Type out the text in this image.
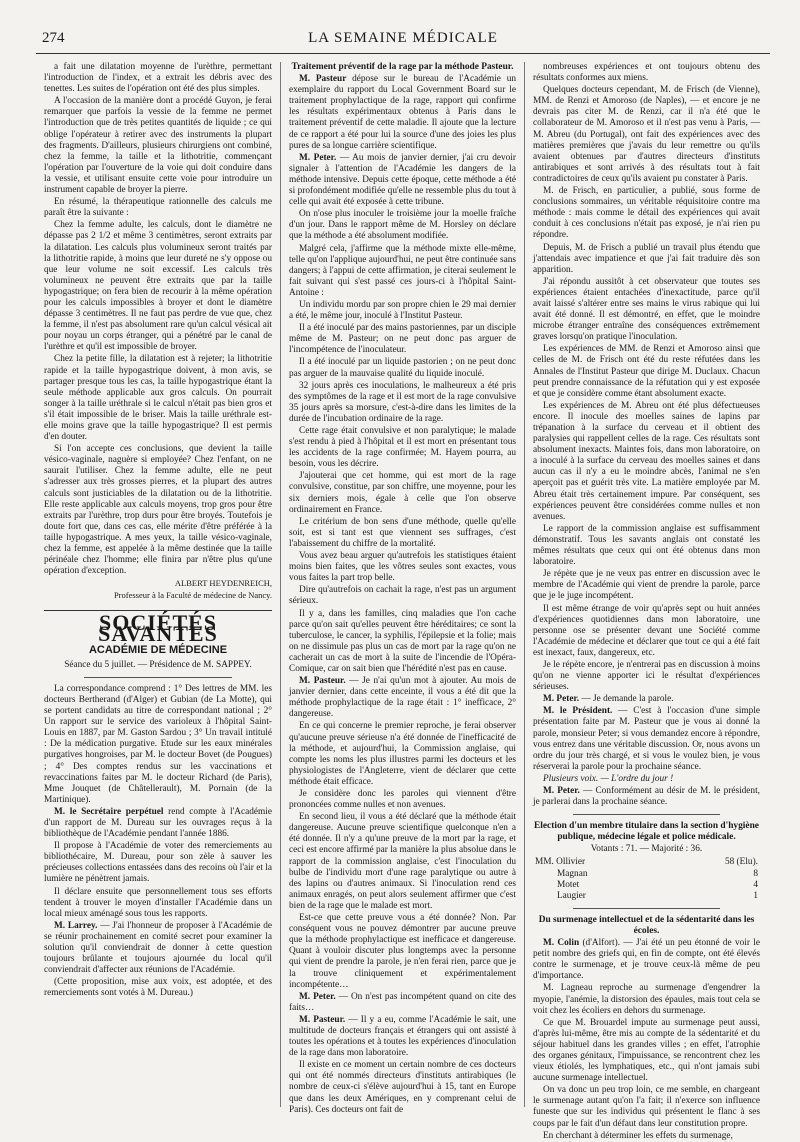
274	LA SEMAINE MÉDICALE

a fait une dilatation moyenne de l'urèthre, permettant l'introduction de l'index, et a extrait les débris avec des tenettes. Les suites de l'opération ont été des plus simples.

A l'occasion de la manière dont a procédé Guyon, je ferai remarquer que parfois la vessie de la femme ne permet l'introduction que de très petites quantités de liquide ; ce qui oblige l'opérateur à retirer avec des instruments la plupart des fragments. D'ailleurs, plusieurs chirurgiens ont combiné, chez la femme, la taille et la lithotritie, commençant l'opération par l'ouverture de la voie qui doit conduire dans la vessie, et utilisant ensuite cette voie pour introduire un instrument capable de broyer la pierre.

En résumé, la thérapeutique rationnelle des calculs me paraît être la suivante :

Chez la femme adulte, les calculs, dont le diamètre ne dépasse pas 2 1/2 et même 3 centimètres, seront extraits par la dilatation. Les calculs plus volumineux seront traités par la lithotritie rapide, à moins que leur dureté ne s'y oppose ou que leur volume ne soit excessif. Les calculs très volumineux ne peuvent être extraits que par la taille hypogastrique; on fera bien de recourir à la même opération pour les calculs impossibles à broyer et dont le diamètre dépasse 3 centimètres. Il ne faut pas perdre de vue que, chez la femme, il n'est pas absolument rare qu'un calcul vésical ait pour noyau un corps étranger, qui a pénétré par le canal de l'urèthre et qu'il est impossible de broyer.

Chez la petite fille, la dilatation est à rejeter; la lithotritie rapide et la taille hypogastrique doivent, à mon avis, se partager presque tous les cas, la taille hypogastrique étant la seule méthode applicable aux gros calculs. On pourrait songer à la taille uréthrale si le calcul n'était pas bien gros et s'il était impossible de le briser. Mais la taille uréthrale est-elle moins grave que la taille hypogastrique? Il est permis d'en douter.

Si l'on accepte ces conclusions, que devient la taille vésico-vaginale, naguère si employée? Chez l'enfant, on ne saurait l'utiliser. Chez la femme adulte, elle ne peut s'adresser aux très grosses pierres, et la plupart des autres calculs sont justiciables de la dilatation ou de la lithotritie. Elle reste applicable aux calculs moyens, trop gros pour être extraits par l'urèthre, trop durs pour être broyés. Toutefois je doute fort que, dans ces cas, elle mérite d'être préférée à la taille hypogastrique. A mes yeux, la taille vésico-vaginale, chez la femme, est appelée à la même destinée que la taille périnéale chez l'homme; elle finira par n'être plus qu'une opération d'exception.

ALBERT HEYDENREICH,

Professeur à la Faculté de médecine de Nancy.

SOCIÉTÉS SAVANTES
ACADÉMIE DE MÉDECINE

Séance du 5 juillet. — Présidence de M. SAPPEY.

La correspondance comprend : 1° Des lettres de MM. les docteurs Bertherand (d'Alger) et Gubian (de La Motte), qui se portent candidats au titre de correspondant national ; 2° Un rapport sur le service des varioleux à l'hôpital Saint-Louis en 1887, par M. Gaston Sardou ; 3° Un travail intitulé : De la médication purgative. Etude sur les eaux minérales purgatives hongroises, par M. le docteur Bovet (de Pougues) ; 4° Des comptes rendus sur les vaccinations et revaccinations faites par M. le docteur Richard (de Paris), Mme Jouquet (de Châtellerault), M. Pornain (de la Martinique).

M. le Secrétaire perpétuel rend compte à l'Académie d'un rapport de M. Dureau sur les ouvrages reçus à la bibliothèque de l'Académie pendant l'année 1886.

Il propose à l'Académie de voter des remerciements au bibliothécaire, M. Dureau, pour son zèle à sauver les précieuses collections entassées dans des recoins où l'air et la lumière ne pénètrent jamais.

Il déclare ensuite que personnellement tous ses efforts tendent à trouver le moyen d'installer l'Académie dans un local mieux aménagé sous tous les rapports.

M. Larrey. — J'ai l'honneur de proposer à l'Académie de se réunir prochainement en comité secret pour examiner la solution qu'il conviendrait de donner à cette question toujours brûlante et toujours ajournée du local qu'il conviendrait d'affecter aux réunions de l'Académie.

(Cette proposition, mise aux voix, est adoptée, et des remerciements sont votés à M. Dureau.)

Traitement préventif de la rage par la méthode Pasteur.

M. Pasteur dépose sur le bureau de l'Académie un exemplaire du rapport du Local Government Board sur le traitement prophylactique de la rage, rapport qui confirme les résultats expérimentaux obtenus à Paris dans le traitement préventif de cette maladie. Il ajoute que la lecture de ce rapport a été pour lui la source d'une des joies les plus pures de sa longue carrière scientifique.

M. Peter. — Au mois de janvier dernier, j'ai cru devoir signaler à l'attention de l'Académie les dangers de la méthode intensive. Depuis cette époque, cette méthode a été si profondément modifiée qu'elle ne ressemble plus du tout à celle qui avait été exposée à cette tribune.

On n'ose plus inoculer le troisième jour la moelle fraîche d'un jour. Dans le rapport même de M. Horsley on déclare que la méthode a été absolument modifiée.

Malgré cela, j'affirme que la méthode mixte elle-même, telle qu'on l'applique aujourd'hui, ne peut être continuée sans dangers; à l'appui de cette affirmation, je citerai seulement le fait suivant qui s'est passé ces jours-ci à l'hôpital Saint-Antoine :

Un individu mordu par son propre chien le 29 mai dernier a été, le même jour, inoculé à l'Institut Pasteur.

Il a été inoculé par des mains pastoriennes, par un disciple même de M. Pasteur; on ne peut donc pas arguer de l'incompétence de l'inoculateur.

Il a été inoculé par un liquide pastorien ; on ne peut donc pas arguer de la mauvaise qualité du liquide inoculé.

32 jours après ces inoculations, le malheureux a été pris des symptômes de la rage et il est mort de la rage convulsive 35 jours après sa morsure, c'est-à-dire dans les limites de la durée de l'incubation ordinaire de la rage.

Cette rage était convulsive et non paralytique; le malade s'est rendu à pied à l'hôpital et il est mort en présentant tous les accidents de la rage confirmée; M. Hayem pourra, au besoin, vous les décrire.

J'ajouterai que cet homme, qui est mort de la rage convulsive, constitue, par son chiffre, une moyenne, pour les six derniers mois, égale à celle que l'on observe ordinairement en France.

Le critérium de bon sens d'une méthode, quelle qu'elle soit, est si tant est que viennent ses suffrages, c'est l'abaissement du chiffre de la mortalité.

Vous avez beau arguer qu'autrefois les statistiques étaient moins bien faites, que les vôtres seules sont exactes, vous vous faites la part trop belle.

Dire qu'autrefois on cachait la rage, n'est pas un argument sérieux.

Il y a, dans les familles, cinq maladies que l'on cache parce qu'on sait qu'elles peuvent être héréditaires; ce sont la tuberculose, le cancer, la syphilis, l'épilepsie et la folie; mais on ne dissimule pas plus un cas de mort par la rage qu'on ne cacherait un cas de mort à la suite de l'incendie de l'Opéra-Comique, car on sait bien que l'hérédité n'est pas en cause.

M. Pasteur. — Je n'ai qu'un mot à ajouter. Au mois de janvier dernier, dans cette enceinte, il vous a été dit que la méthode prophylactique de la rage était : 1° inefficace, 2° dangereuse.

En ce qui concerne le premier reproche, je ferai observer qu'aucune preuve sérieuse n'a été donnée de l'inefficacité de la méthode, et aujourd'hui, la Commission anglaise, qui compte les noms les plus illustres parmi les docteurs et les physiologistes de l'Angleterre, vient de déclarer que cette méthode était efficace.

Je considère donc les paroles qui viennent d'être prononcées comme nulles et non avenues.

En second lieu, il vous a été déclaré que la méthode était dangereuse. Aucune preuve scientifique quelconque n'en a été donnée. Il n'y a qu'une preuve de la mort par la rage, et ceci est encore affirmé par la manière la plus absolue dans le rapport de la commission anglaise, c'est l'inoculation du bulbe de l'individu mort d'une rage paralytique ou autre à des lapins ou d'autres animaux. Si l'inoculation rend ces animaux enragés, on peut alors seulement affirmer que c'est bien de la rage que le malade est mort.

Est-ce que cette preuve vous a été donnée? Non. Par conséquent vous ne pouvez démontrer par aucune preuve que la méthode prophylactique est inefficace et dangereuse. Quant à vouloir discuter plus longtemps avec la personne qui vient de prendre la parole, je n'en ferai rien, parce que je la trouve cliniquement et expérimentalement incompétente…

M. Peter. — On n'est pas incompétent quand on cite des faits…

M. Pasteur. — Il y a eu, comme l'Académie le sait, une multitude de docteurs français et étrangers qui ont assisté à toutes les opérations et à toutes les expériences d'inoculation de la rage dans mon laboratoire.

Il existe en ce moment un certain nombre de ces docteurs qui ont été nommés directeurs d'instituts antirabiques (le nombre de ceux-ci s'élève aujourd'hui à 15, tant en Europe que dans les deux Amériques, en y comprenant celui de Paris). Ces docteurs ont fait de

nombreuses expériences et ont toujours obtenu des résultats conformes aux miens.

Quelques docteurs cependant, M. de Frisch (de Vienne), MM. de Renzi et Amoroso (de Naples), — et encore je ne devrais pas citer M. de Renzi, car il n'a été que le collaborateur de M. Amoroso et il n'est pas venu à Paris, — M. Abreu (du Portugal), ont fait des expériences avec des matières premières que j'avais du leur remettre ou qu'ils avaient obtenues par d'autres directeurs d'instituts antirabiques et sont arrivés à des résultats tout à fait contradictoires de ceux qu'ils avaient pu constater à Paris.

M. de Frisch, en particulier, a publié, sous forme de conclusions sommaires, un véritable réquisitoire contre ma méthode : mais comme le détail des expériences qui avait conduit à ces conclusions n'était pas exposé, je n'ai rien pu répondre.

Depuis, M. de Frisch a publié un travail plus étendu que j'attendais avec impatience et que j'ai fait traduire dès son apparition.

J'ai répondu aussitôt à cet observateur que toutes ses expériences étaient entachées d'inexactitude, parce qu'il avait laissé s'altérer entre ses mains le virus rabique qui lui avait été donné. Il est démontré, en effet, que le moindre microbe étranger entraîne des conséquences extrêmement graves lorsqu'on pratique l'inoculation.

Les expériences de MM. de Renzi et Amoroso ainsi que celles de M. de Frisch ont été du reste réfutées dans les Annales de l'Institut Pasteur que dirige M. Duclaux. Chacun peut prendre connaissance de la réfutation qui y est exposée et que je considère comme étant absolument exacte.

Les expériences de M. Abreu ont été plus défectueuses encore. Il inocule des moelles saines de lapins par trépanation à la surface du cerveau et il obtient des paralysies qui rappellent celles de la rage. Ces résultats sont absolument inexacts. Maintes fois, dans mon laboratoire, on a inoculé à la surface du cerveau des moelles saines et dans aucun cas il n'y a eu le moindre abcès, l'animal ne s'en aperçoit pas et guérit très vite. La matière employée par M. Abreu était très certainement impure. Par conséquent, ses expériences peuvent être considérées comme nulles et non avenues.

Le rapport de la commission anglaise est suffisamment démonstratif. Tous les savants anglais ont constaté les mêmes résultats que ceux qui ont été obtenus dans mon laboratoire.

Je répète que je ne veux pas entrer en discussion avec le membre de l'Académie qui vient de prendre la parole, parce que je le juge incompétent.

Il est même étrange de voir qu'après sept ou huit années d'expériences quotidiennes dans mon laboratoire, une personne ose se présenter devant une Société comme l'Académie de médecine et déclarer que tout ce qui a été fait est inexact, faux, dangereux, etc.

Je le répète encore, je n'entrerai pas en discussion à moins qu'on ne vienne apporter ici le résultat d'expériences sérieuses.

M. Peter. — Je demande la parole.

M. le Président. — C'est à l'occasion d'une simple présentation faite par M. Pasteur que je vous ai donné la parole, monsieur Peter; si vous demandez encore à répondre, vous entrez dans une véritable discussion. Or, nous avons un ordre du jour très chargé, et si vous le voulez bien, je vous réserverai la parole pour la prochaine séance.

Plusieurs voix. — L'ordre du jour !

M. Peter. — Conformément au désir de M. le président, je parlerai dans la prochaine séance.

Election d'un membre titulaire dans la section d'hygiène publique, médecine légale et police médicale.

Votants : 71. — Majorité : 36.

MM. Ollivier	58 (Elu).
Magnan	8
Motet	4
Laugier	1

Du surmenage intellectuel et de la sédentarité dans les écoles.

M. Colin (d'Alfort). — J'ai été un peu étonné de voir le petit nombre des griefs qui, en fin de compte, ont été élevés contre le surmenage, et je trouve ceux-là même de peu d'importance.

M. Lagneau reproche au surmenage d'engendrer la myopie, l'anémie, la distorsion des épaules, mais tout cela se voit chez les écoliers en dehors du surmenage.

Ce que M. Brouardel impute au surmenage peut aussi, d'après lui-même, être mis au compte de la sédentarité et du séjour habituel dans les grandes villes ; en effet, l'atrophie des organes génitaux, l'impuissance, se rencontrent chez les vieux étiolés, les lymphatiques, etc., qui n'ont jamais subi aucune surmenage intellectuel.

On va donc un peu trop loin, ce me semble, en chargeant le surmenage autant qu'on l'a fait; il n'exerce son influence funeste que sur les individus qui présentent le flanc à ses coups par le fait d'un défaut dans leur constitution propre.

En cherchant à déterminer les effets du surmenage,
